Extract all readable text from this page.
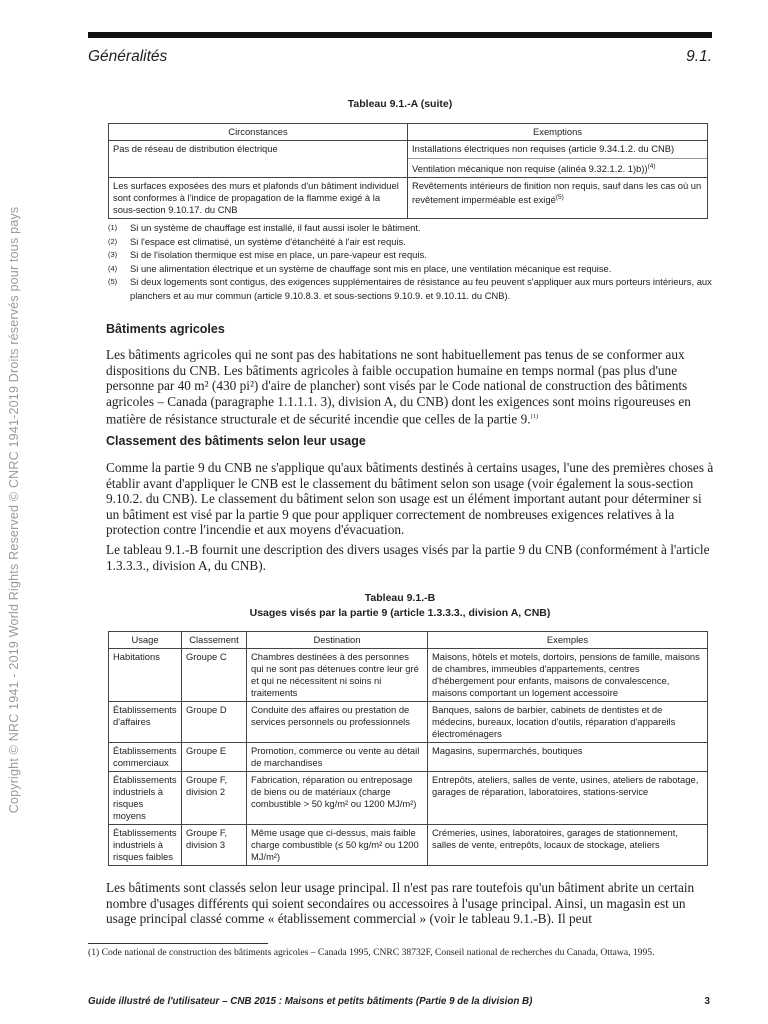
Copyright © NRC 1941 - 2019 World Rights Reserved © CNRC 1941-2019 Droits réservés pour tous pays
Généralités	9.1.
Tableau 9.1.-A (suite)
Circonstances	Exemptions
Pas de réseau de distribution électrique	Installations électriques non requises (article 9.34.1.2. du CNB)
Ventilation mécanique non requise (alinéa 9.32.1.2. 1)b))$^{(4)}$

Les surfaces exposées des murs et plafonds d'un bâtiment individuel sont conformes à l'indice de propagation de la flamme exigé à la sous-section 9.10.17. du CNB	Revêtements intérieurs de finition non requis, sauf dans les cas où un revêtement imperméable est exigé$^{(5)}$
(1)	Si un système de chauffage est installé, il faut aussi isoler le bâtiment.
(2)	Si l'espace est climatisé, un système d'étanchéité à l'air est requis.
(3)	Si de l'isolation thermique est mise en place, un pare-vapeur est requis.
(4)	Si une alimentation électrique et un système de chauffage sont mis en place, une ventilation mécanique est requise.
(5)	Si deux logements sont contigus, des exigences supplémentaires de résistance au feu peuvent s'appliquer aux murs porteurs intérieurs, aux planchers et au mur commun (article 9.10.8.3. et sous-sections 9.10.9. et 9.10.11. du CNB).
Bâtiments agricoles
Les bâtiments agricoles qui ne sont pas des habitations ne sont habituellement pas tenus de se conformer aux dispositions du CNB. Les bâtiments agricoles à faible occupation humaine en temps normal (pas plus d'une personne par 40 m² (430 pi²) d'aire de plancher) sont visés par le Code national de construction des bâtiments agricoles – Canada (paragraphe 1.1.1.1. 3), division A, du CNB) dont les exigences sont moins rigoureuses en matière de résistance structurale et de sécurité incendie que celles de la partie 9.$^{(1)}$
Classement des bâtiments selon leur usage
Comme la partie 9 du CNB ne s'applique qu'aux bâtiments destinés à certains usages, l'une des premières choses à établir avant d'appliquer le CNB est le classement du bâtiment selon son usage (voir également la sous-section 9.10.2. du CNB). Le classement du bâtiment selon son usage est un élément important autant pour déterminer si un bâtiment est visé par la partie 9 que pour appliquer correctement de nombreuses exigences relatives à la protection contre l'incendie et aux moyens d'évacuation.
Le tableau 9.1.-B fournit une description des divers usages visés par la partie 9 du CNB (conformément à l'article 1.3.3.3., division A, du CNB).
Tableau 9.1.-B
Usages visés par la partie 9 (article 1.3.3.3., division A, CNB)
Usage	Classement	Destination	Exemples
Habitations	Groupe C	Chambres destinées à des personnes qui ne sont pas détenues contre leur gré et qui ne nécessitent ni soins ni traitements	Maisons, hôtels et motels, dortoirs, pensions de famille, maisons de chambres, immeubles d'appartements, centres d'hébergement pour enfants, maisons de convalescence, maisons comportant un logement accessoire
Établissements d'affaires	Groupe D	Conduite des affaires ou prestation de services personnels ou professionnels	Banques, salons de barbier, cabinets de dentistes et de médecins, bureaux, location d'outils, réparation d'appareils électroménagers
Établissements commerciaux	Groupe E	Promotion, commerce ou vente au détail de marchandises	Magasins, supermarchés, boutiques
Établissements industriels à risques moyens	Groupe F, division 2	Fabrication, réparation ou entreposage de biens ou de matériaux (charge combustible > 50 kg/m² ou 1200 MJ/m²)	Entrepôts, ateliers, salles de vente, usines, ateliers de rabotage, garages de réparation, laboratoires, stations-service
Établissements industriels à risques faibles	Groupe F, division 3	Même usage que ci-dessus, mais faible charge combustible (≤ 50 kg/m² ou 1200 MJ/m²)	Crémeries, usines, laboratoires, garages de stationnement, salles de vente, entrepôts, locaux de stockage, ateliers
Les bâtiments sont classés selon leur usage principal. Il n'est pas rare toutefois qu'un bâtiment abrite un certain nombre d'usages différents qui soient secondaires ou accessoires à l'usage principal. Ainsi, un magasin est un usage principal classé comme « établissement commercial » (voir le tableau 9.1.-B). Il peut
(1) Code national de construction des bâtiments agricoles – Canada 1995, CNRC 38732F, Conseil national de recherches du Canada, Ottawa, 1995.
Guide illustré de l'utilisateur – CNB 2015 : Maisons et petits bâtiments (Partie 9 de la division B)	3
